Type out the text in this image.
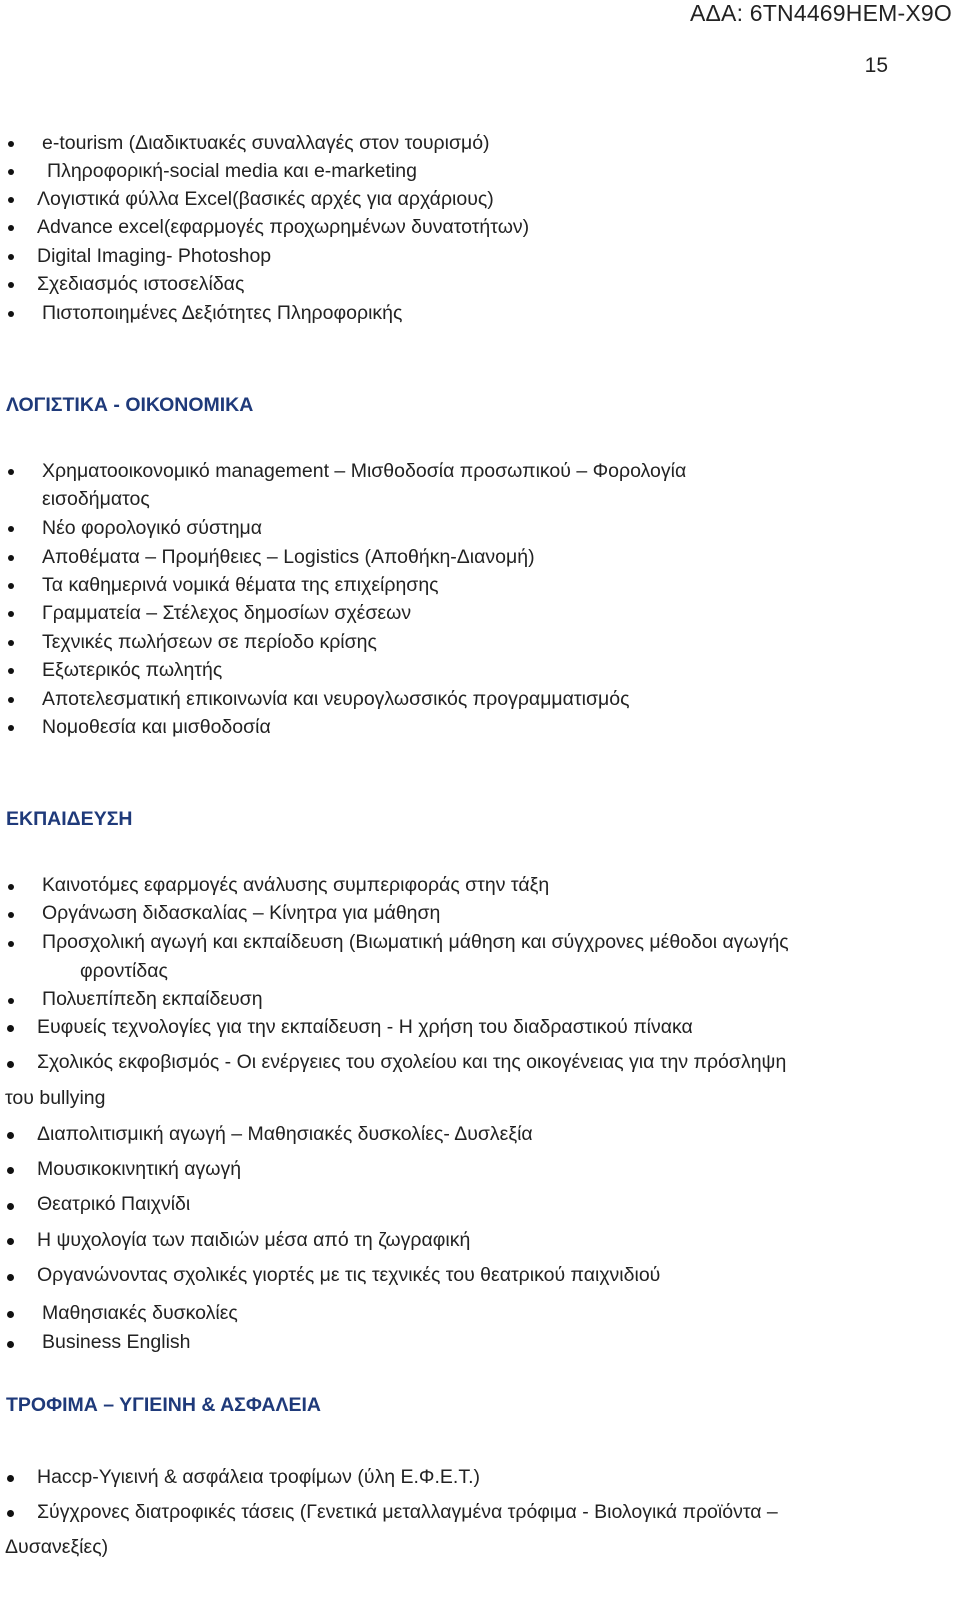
ΑΔΑ: 6ΤΝ4469ΗΕΜ-Χ9Ο
15
e-tourism (Διαδικτυακές συναλλαγές στον τουρισμό)
Πληροφορική-social media και e-marketing
Λογιστικά φύλλα Excel(βασικές αρχές για αρχάριους)
Advance excel(εφαρμογές προχωρημένων δυνατοτήτων)
Digital Imaging- Photoshop
Σχεδιασμός ιστοσελίδας
Πιστοποιημένες Δεξιότητες Πληροφορικής
ΛΟΓΙΣΤΙΚΑ - ΟΙΚΟΝΟΜΙΚΑ
Χρηματοοικονομικό management – Μισθοδοσία προσωπικού – Φορολογία
εισοδήματος
Νέο φορολογικό σύστημα
Αποθέματα – Προμήθειες – Logistics (Αποθήκη-Διανομή)
Τα καθημερινά νομικά θέματα της επιχείρησης
Γραμματεία – Στέλεχος δημοσίων σχέσεων
Τεχνικές πωλήσεων σε περίοδο κρίσης
Εξωτερικός πωλητής
Αποτελεσματική επικοινωνία και νευρογλωσσικός προγραμματισμός
Νομοθεσία και μισθοδοσία
ΕΚΠΑΙΔΕΥΣΗ
Καινοτόμες εφαρμογές ανάλυσης συμπεριφοράς στην τάξη
Οργάνωση διδασκαλίας – Κίνητρα για μάθηση
Προσχολική αγωγή και εκπαίδευση (Βιωματική μάθηση και σύγχρονες μέθοδοι αγωγής
φροντίδας
Πολυεπίπεδη εκπαίδευση
Ευφυείς τεχνολογίες για την εκπαίδευση - Η χρήση του διαδραστικού πίνακα
Σχολικός εκφοβισμός - Οι ενέργειες του σχολείου και της οικογένειας για την πρόσληψη
του bullying
Διαπολιτισμική αγωγή – Μαθησιακές δυσκολίες- Δυσλεξία
Μουσικοκινητική αγωγή
Θεατρικό Παιχνίδι
Η ψυχολογία των παιδιών μέσα από τη ζωγραφική
Οργανώνοντας σχολικές γιορτές με τις τεχνικές του θεατρικού παιχνιδιού
Μαθησιακές δυσκολίες
Business English
ΤΡΟΦΙΜΑ – ΥΓΙΕΙΝΗ & ΑΣΦΑΛΕΙΑ
Haccp-Υγιεινή & ασφάλεια τροφίμων (ύλη Ε.Φ.Ε.Τ.)
Σύγχρονες διατροφικές τάσεις (Γενετικά μεταλλαγμένα τρόφιμα - Βιολογικά προϊόντα –
Δυσανεξίες)
